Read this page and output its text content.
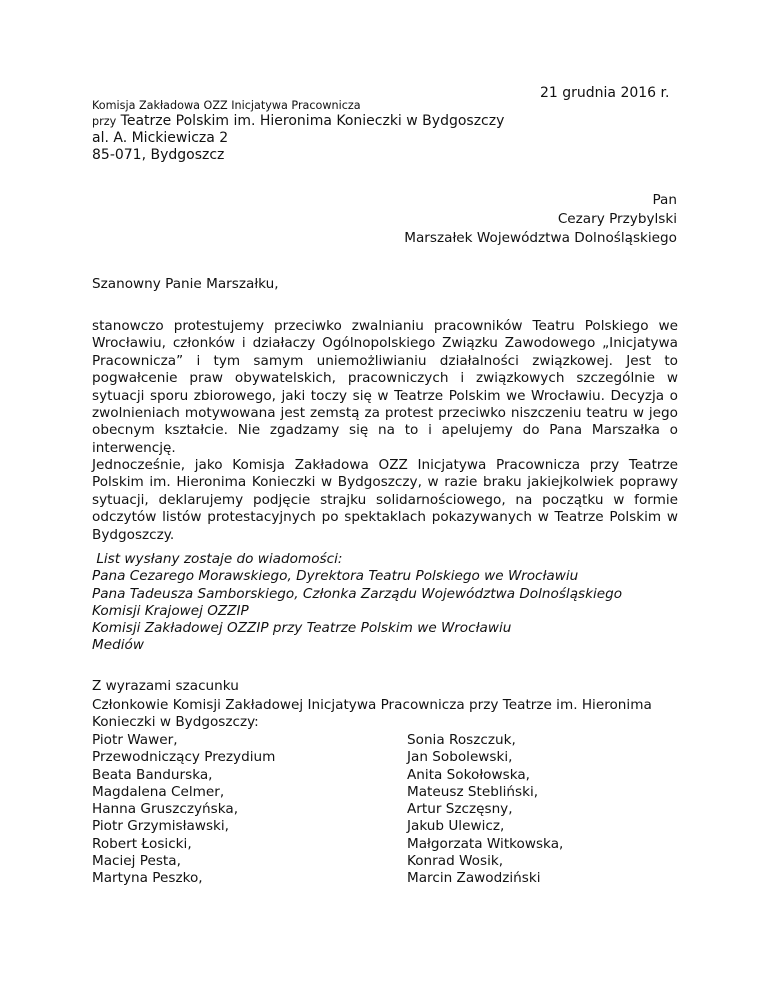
21 grudnia 2016 r.
Komisja Zakładowa OZZ Inicjatywa Pracownicza
przy Teatrze Polskim im. Hieronima Konieczki w Bydgoszczy
al. A. Mickiewicza 2
85-071, Bydgoszcz
Pan
Cezary Przybylski
Marszałek Województwa Dolnośląskiego
Szanowny Panie Marszałku,
stanowczo protestujemy przeciwko zwalnianiu pracowników Teatru Polskiego we Wrocławiu, członków i działaczy Ogólnopolskiego Związku Zawodowego „Inicjatywa Pracownicza” i tym samym uniemożliwianiu działalności związkowej. Jest to pogwałcenie praw obywatelskich, pracowniczych i związkowych szczególnie w sytuacji sporu zbiorowego, jaki toczy się w Teatrze Polskim we Wrocławiu. Decyzja o zwolnieniach motywowana jest zemstą za protest przeciwko niszczeniu teatru w jego obecnym kształcie. Nie zgadzamy się na to i apelujemy do Pana Marszałka o interwencję.
Jednocześnie, jako Komisja Zakładowa OZZ Inicjatywa Pracownicza przy Teatrze Polskim im. Hieronima Konieczki w Bydgoszczy, w razie braku jakiejkolwiek poprawy sytuacji, deklarujemy podjęcie strajku solidarnościowego, na początku w formie odczytów listów protestacyjnych po spektaklach pokazywanych w Teatrze Polskim w Bydgoszczy.
List wysłany zostaje do wiadomości:
Pana Cezarego Morawskiego, Dyrektora Teatru Polskiego we Wrocławiu
Pana Tadeusza Samborskiego, Członka Zarządu Województwa Dolnośląskiego
Komisji Krajowej OZZIP
Komisji Zakładowej OZZIP przy Teatrze Polskim we Wrocławiu
Mediów
Z wyrazami szacunku
Członkowie Komisji Zakładowej Inicjatywa Pracownicza przy Teatrze im. Hieronima Konieczki w Bydgoszczy:
Piotr Wawer,
Przewodniczący Prezydium
Beata Bandurska,
Magdalena Celmer,
Hanna Gruszczyńska,
Piotr Grzymisławski,
Robert Łosicki,
Maciej Pesta,
Martyna Peszko,
Sonia Roszczuk,
Jan Sobolewski,
Anita Sokołowska,
Mateusz Stebliński,
Artur Szczęsny,
Jakub Ulewicz,
Małgorzata Witkowska,
Konrad Wosik,
Marcin Zawodziński
